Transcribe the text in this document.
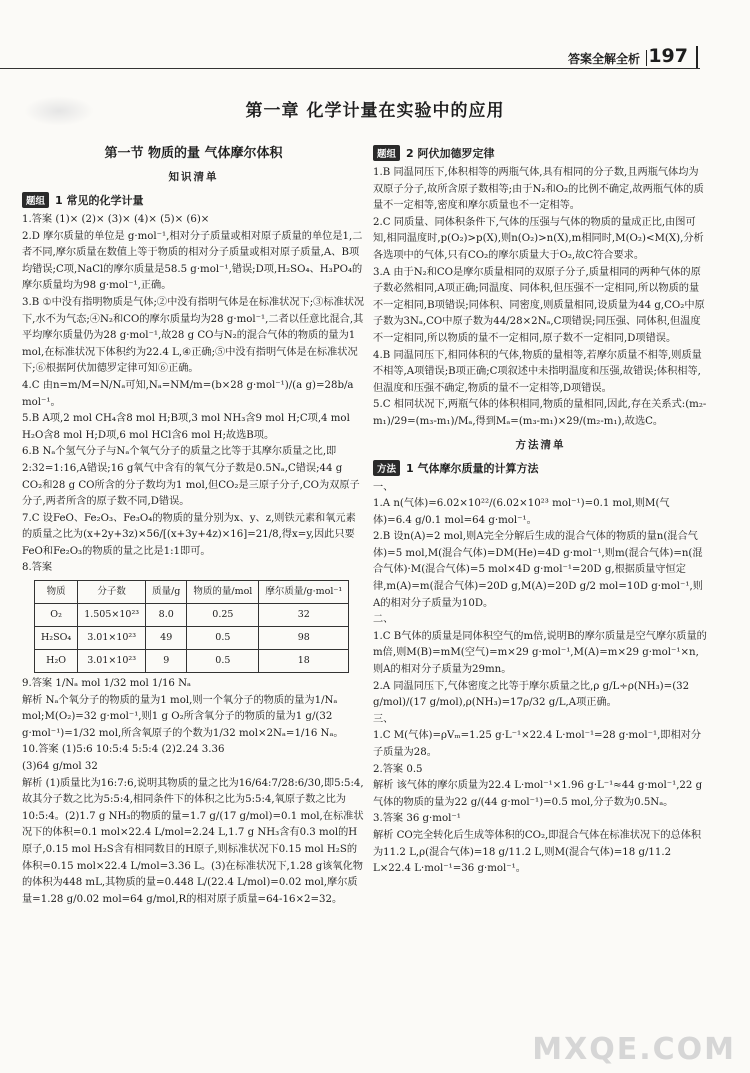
答案全解全析 197
第一章 化学计量在实验中的应用
第一节 物质的量 气体摩尔体积
知识清单
题组 1 常见的化学计量

1.答案 (1)× (2)× (3)× (4)× (5)× (6)×

2.D 摩尔质量的单位是 g·mol⁻¹,相对分子质量或相对原子质量的单位是1,二者不同,摩尔质量在数值上等于物质的相对分子质量或相对原子质量,A、B项均错误;C项,NaCl的摩尔质量是58.5 g·mol⁻¹,错误;D项,H₂SO₄、H₃PO₄的摩尔质量均为98 g·mol⁻¹,正确。

3.B ①中没有指明物质是气体;②中没有指明气体是在标准状况下;③标准状况下,水不为气态;④N₂和CO的摩尔质量均为28 g·mol⁻¹,二者以任意比混合,其平均摩尔质量仍为28 g·mol⁻¹,故28 g CO与N₂的混合气体的物质的量为1 mol,在标准状况下体积约为22.4 L,④正确;⑤中没有指明气体是在标准状况下;⑥根据阿伏加德罗定律可知⑥正确。

4.C 由n=m/M=N/Nₐ可知,Nₐ=NM/m=(b×28 g·mol⁻¹)/(a g)=28b/a mol⁻¹。

5.B A项,2 mol CH₄含8 mol H;B项,3 mol NH₃含9 mol H;C项,4 mol H₂O含8 mol H;D项,6 mol HCl含6 mol H;故选B项。

6.B Nₐ个氢气分子与Nₐ个氧气分子的质量之比等于其摩尔质量之比,即2:32=1:16,A错误;16 g氧气中含有的氧气分子数是0.5Nₐ,C错误;44 g CO₂和28 g CO所含的分子数均为1 mol,但CO₂是三原子分子,CO为双原子分子,两者所含的原子数不同,D错误。

7.C 设FeO、Fe₂O₃、Fe₃O₄的物质的量分别为x、y、z,则铁元素和氧元素的质量之比为(x+2y+3z)×56/[(x+3y+4z)×16]=21/8,得x=y,因此只要FeO和Fe₂O₃的物质的量之比是1:1即可。

8.答案

物质	分子数	质量/g	物质的量/mol	摩尔质量/g·mol⁻¹
O₂	1.505×10²³	8.0	0.25	32
H₂SO₄	3.01×10²³	49	0.5	98
H₂O	3.01×10²³	9	0.5	18

9.答案 1/Nₐ mol 1/32 mol 1/16 Nₐ

解析 Nₐ个氧分子的物质的量为1 mol,则一个氧分子的物质的量为1/Nₐ mol;M(O₂)=32 g·mol⁻¹,则1 g O₂所含氧分子的物质的量为1 g/(32 g·mol⁻¹)=1/32 mol,所含氧原子的个数为1/32 mol×2Nₐ=1/16 Nₐ。

10.答案 (1)5:6 10:5:4 5:5:4 (2)2.24 3.36

(3)64 g/mol 32

解析 (1)质量比为16:7:6,说明其物质的量之比为16/64:7/28:6/30,即5:5:4,故其分子数之比为5:5:4,相同条件下的体积之比为5:5:4,氧原子数之比为10:5:4。(2)1.7 g NH₃的物质的量=1.7 g/(17 g/mol)=0.1 mol,在标准状况下的体积=0.1 mol×22.4 L/mol=2.24 L,1.7 g NH₃含有0.3 mol的H原子,0.15 mol H₂S含有相同数目的H原子,则标准状况下0.15 mol H₂S的体积=0.15 mol×22.4 L/mol=3.36 L。(3)在标准状况下,1.28 g该氧化物的体积为448 mL,其物质的量=0.448 L/(22.4 L/mol)=0.02 mol,摩尔质量=1.28 g/0.02 mol=64 g/mol,R的相对原子质量=64-16×2=32。

题组 2 阿伏加德罗定律

1.B 同温同压下,体积相等的两瓶气体,具有相同的分子数,且两瓶气体均为双原子分子,故所含原子数相等;由于N₂和O₂的比例不确定,故两瓶气体的质量不一定相等,密度和摩尔质量也不一定相等。

2.C 同质量、同体积条件下,气体的压强与气体的物质的量成正比,由图可知,相同温度时,p(O₂)>p(X),则n(O₂)>n(X),m相同时,M(O₂)<M(X),分析各选项中的气体,只有CO₂的摩尔质量大于O₂,故C符合要求。

3.A 由于N₂和CO是摩尔质量相同的双原子分子,质量相同的两种气体的原子数必然相同,A项正确;同温度、同体积,但压强不一定相同,所以物质的量不一定相同,B项错误;同体积、同密度,则质量相同,设质量为44 g,CO₂中原子数为3Nₐ,CO中原子数为44/28×2Nₐ,C项错误;同压强、同体积,但温度不一定相同,所以物质的量不一定相同,原子数不一定相同,D项错误。

4.B 同温同压下,相同体积的气体,物质的量相等,若摩尔质量不相等,则质量不相等,A项错误;B项正确;C项叙述中未指明温度和压强,故错误;体积相等,但温度和压强不确定,物质的量不一定相等,D项错误。

5.C 相同状况下,两瓶气体的体积相同,物质的量相同,因此,存在关系式:(m₂-m₁)/29=(m₃-m₁)/Mₐ,得到Mₐ=(m₃-m₁)×29/(m₂-m₁),故选C。

方法清单
方法 1 气体摩尔质量的计算方法

一、

1.A n(气体)=6.02×10²²/(6.02×10²³ mol⁻¹)=0.1 mol,则M(气体)=6.4 g/0.1 mol=64 g·mol⁻¹。

2.B 设n(A)=2 mol,则A完全分解后生成的混合气体的物质的量n(混合气体)=5 mol,M(混合气体)=DM(He)=4D g·mol⁻¹,则m(混合气体)=n(混合气体)·M(混合气体)=5 mol×4D g·mol⁻¹=20D g,根据质量守恒定律,m(A)=m(混合气体)=20D g,M(A)=20D g/2 mol=10D g·mol⁻¹,则A的相对分子质量为10D。

二、

1.C B气体的质量是同体积空气的m倍,说明B的摩尔质量是空气摩尔质量的m倍,则M(B)=mM(空气)=m×29 g·mol⁻¹,M(A)=m×29 g·mol⁻¹×n,则A的相对分子质量为29mn。

2.A 同温同压下,气体密度之比等于摩尔质量之比,ρ g/L÷ρ(NH₃)=(32 g/mol)/(17 g/mol),ρ(NH₃)=17ρ/32 g/L,A项正确。

三、

1.C M(气体)=ρVₘ=1.25 g·L⁻¹×22.4 L·mol⁻¹=28 g·mol⁻¹,即相对分子质量为28。

2.答案 0.5

解析 该气体的摩尔质量为22.4 L·mol⁻¹×1.96 g·L⁻¹≈44 g·mol⁻¹,22 g气体的物质的量为22 g/(44 g·mol⁻¹)=0.5 mol,分子数为0.5Nₐ。

3.答案 36 g·mol⁻¹

解析 CO完全转化后生成等体积的CO₂,即混合气体在标准状况下的总体积为11.2 L,ρ(混合气体)=18 g/11.2 L,则M(混合气体)=18 g/11.2 L×22.4 L·mol⁻¹=36 g·mol⁻¹。

MXQE.COM
